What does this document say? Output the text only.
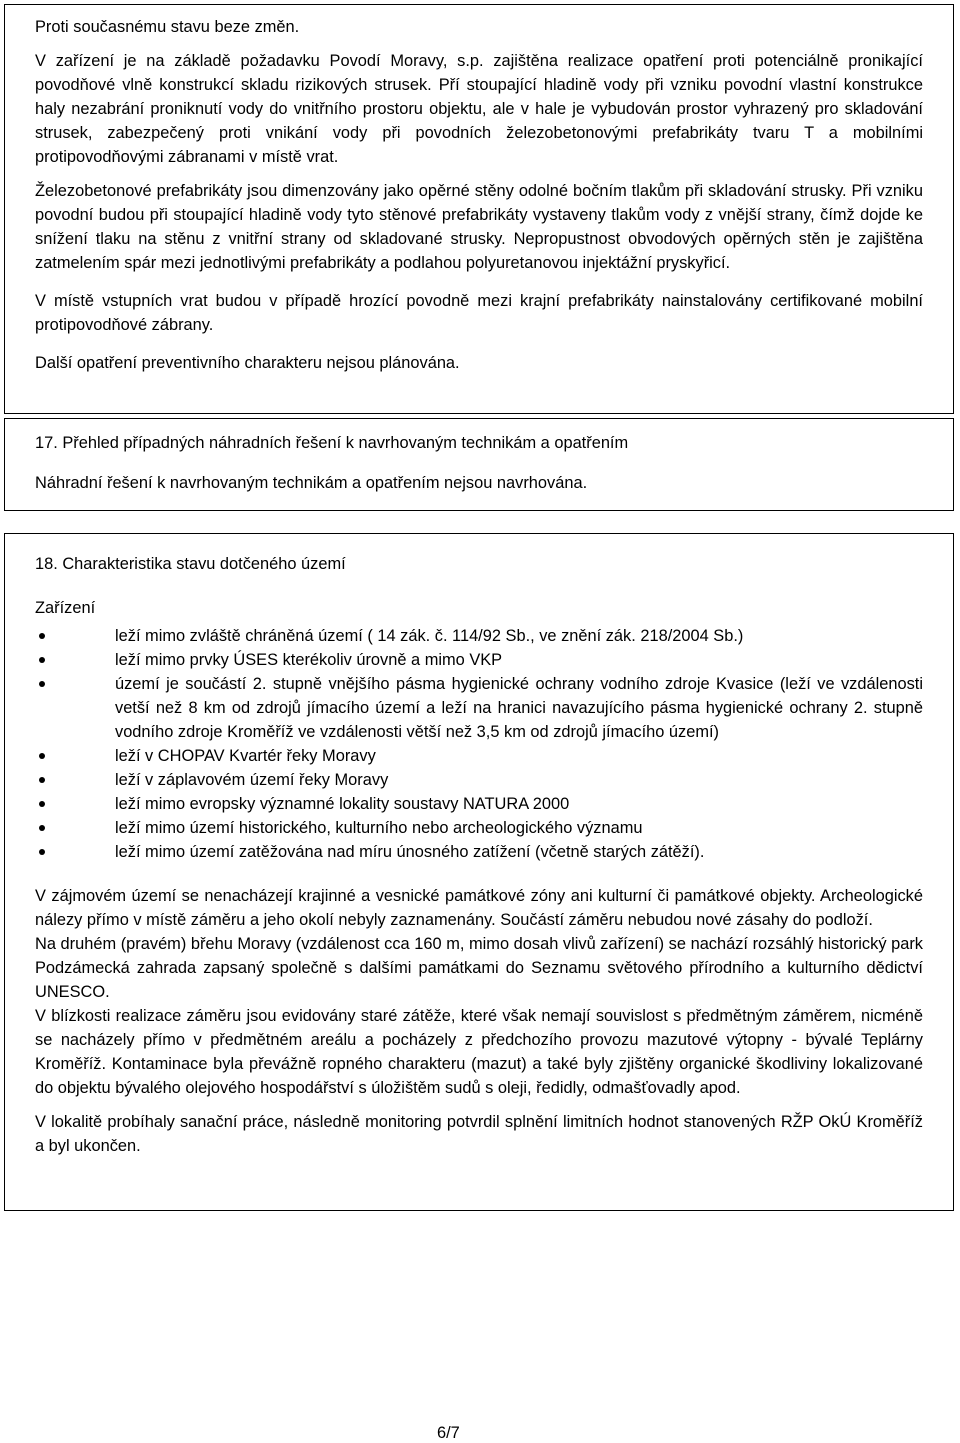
Proti současnému stavu beze změn.

V zařízení je na základě požadavku Povodí Moravy, s.p. zajištěna realizace opatření proti potenciálně pronikající povodňové vlně konstrukcí skladu rizikových strusek. Pří stoupající hladině vody při vzniku povodní vlastní konstrukce haly nezabrání proniknutí vody do vnitřního prostoru objektu, ale v hale je vybudován prostor vyhrazený pro skladování strusek, zabezpečený proti vnikání vody při povodních železobetonovými prefabrikáty tvaru T a mobilními protipovodňovými zábranami v místě vrat.

Železobetonové prefabrikáty jsou dimenzovány jako opěrné stěny odolné bočním tlakům při skladování strusky. Při vzniku povodní budou při stoupající hladině vody tyto stěnové prefabrikáty vystaveny tlakům vody z vnější strany, čímž dojde ke snížení tlaku na stěnu z vnitřní strany od skladované strusky. Nepropustnost obvodových opěrných stěn je zajištěna zatmelením spár mezi jednotlivými prefabrikáty a podlahou polyuretanovou injektážní pryskyřicí.

V místě vstupních vrat budou v případě hrozící povodně mezi krajní prefabrikáty nainstalovány certifikované mobilní protipovodňové zábrany.

Další opatření preventivního charakteru nejsou plánována.

17. Přehled případných náhradních řešení k navrhovaným technikám a opatřením

Náhradní řešení k navrhovaným technikám a opatřením nejsou navrhována.

18. Charakteristika stavu dotčeného území

Zařízení

leží mimo zvláště chráněná území ( 14 zák. č. 114/92 Sb., ve znění zák. 218/2004 Sb.)
leží mimo prvky ÚSES kterékoliv úrovně a mimo VKP
území je součástí 2. stupně vnějšího pásma hygienické ochrany vodního zdroje Kvasice (leží ve vzdálenosti vetší než 8 km od zdrojů jímacího území a leží na hranici navazujícího pásma hygienické ochrany 2. stupně vodního zdroje Kroměříž ve vzdálenosti větší než 3,5 km od zdrojů jímacího území)
leží v CHOPAV Kvartér řeky Moravy
leží v záplavovém území řeky Moravy
leží mimo evropsky významné lokality soustavy NATURA 2000
leží mimo území historického, kulturního nebo archeologického významu
leží mimo území zatěžována nad míru únosného zatížení (včetně starých zátěží).

V zájmovém území se nenacházejí krajinné a vesnické památkové zóny ani kulturní či památkové objekty. Archeologické nálezy přímo v místě záměru a jeho okolí nebyly zaznamenány. Součástí záměru nebudou nové zásahy do podloží.

Na druhém (pravém) břehu Moravy (vzdálenost cca 160 m, mimo dosah vlivů zařízení) se nachází rozsáhlý historický park Podzámecká zahrada zapsaný společně s dalšími památkami do Seznamu světového přírodního a kulturního dědictví UNESCO.

V blízkosti realizace záměru jsou evidovány staré zátěže, které však nemají souvislost s předmětným záměrem, nicméně se nacházely přímo v předmětném areálu a pocházely z předchozího provozu mazutové výtopny - bývalé Teplárny Kroměříž. Kontaminace byla převážně ropného charakteru (mazut) a také byly zjištěny organické škodliviny lokalizované do objektu bývalého olejového hospodářství s úložištěm sudů s oleji, ředidly, odmašťovadly apod.

V lokalitě probíhaly sanační práce, následně monitoring potvrdil splnění limitních hodnot stanovených RŽP OkÚ Kroměříž a byl ukončen.

6/7
